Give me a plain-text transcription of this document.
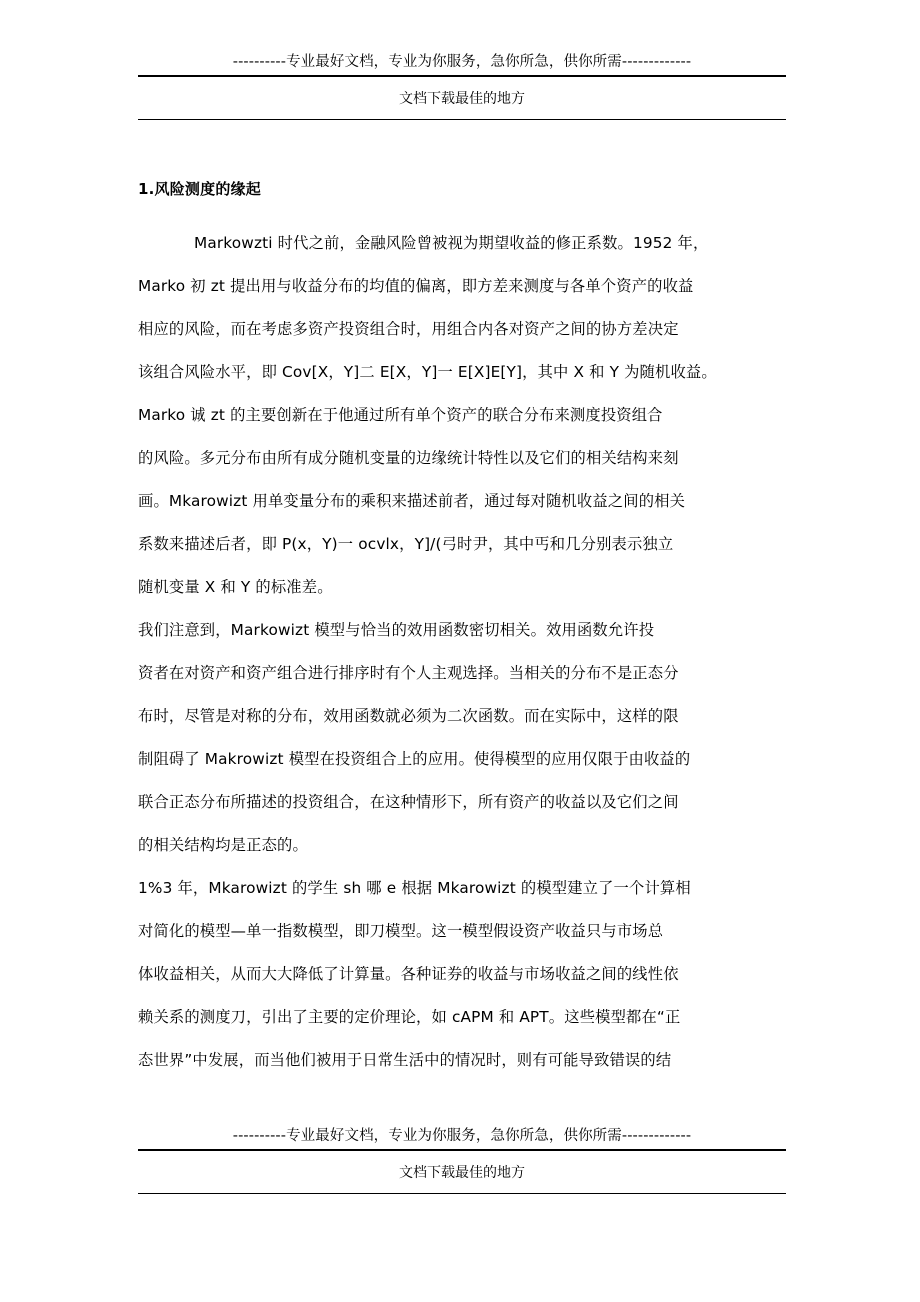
----------专业最好文档，专业为你服务，急你所急，供你所需-------------
文档下载最佳的地方
1.风险测度的缘起

Markowzti 时代之前，金融风险曾被视为期望收益的修正系数。1952 年，
Marko 初 zt 提出用与收益分布的均值的偏离，即方差来测度与各单个资产的收益
相应的风险，而在考虑多资产投资组合时，用组合内各对资产之间的协方差决定
该组合风险水平，即 Cov[X，Y]二 E[X，Y]一 E[X]E[Y]，其中 X 和 Y 为随机收益。
Marko 诚 zt 的主要创新在于他通过所有单个资产的联合分布来测度投资组合
的风险。多元分布由所有成分随机变量的边缘统计特性以及它们的相关结构来刻
画。Mkarowizt 用单变量分布的乘积来描述前者，通过每对随机收益之间的相关
系数来描述后者，即 P(x，Y)一 ocvlx，Y]/(弓时尹，其中丐和几分别表示独立
随机变量 X 和 Y 的标准差。

我们注意到，Markowizt 模型与恰当的效用函数密切相关。效用函数允许投
资者在对资产和资产组合进行排序时有个人主观选择。当相关的分布不是正态分
布时，尽管是对称的分布，效用函数就必须为二次函数。而在实际中，这样的限
制阻碍了 Makrowizt 模型在投资组合上的应用。使得模型的应用仅限于由收益的
联合正态分布所描述的投资组合，在这种情形下，所有资产的收益以及它们之间
的相关结构均是正态的。

1%3 年，Mkarowizt 的学生 sh 哪 e 根据 Mkarowizt 的模型建立了一个计算相
对简化的模型—单一指数模型，即刀模型。这一模型假设资产收益只与市场总
体收益相关，从而大大降低了计算量。各种证券的收益与市场收益之间的线性依
赖关系的测度刀，引出了主要的定价理论，如 cAPM 和 APT。这些模型都在“正
态世界”中发展，而当他们被用于日常生活中的情况时，则有可能导致错误的结

----------专业最好文档，专业为你服务，急你所急，供你所需-------------
文档下载最佳的地方
